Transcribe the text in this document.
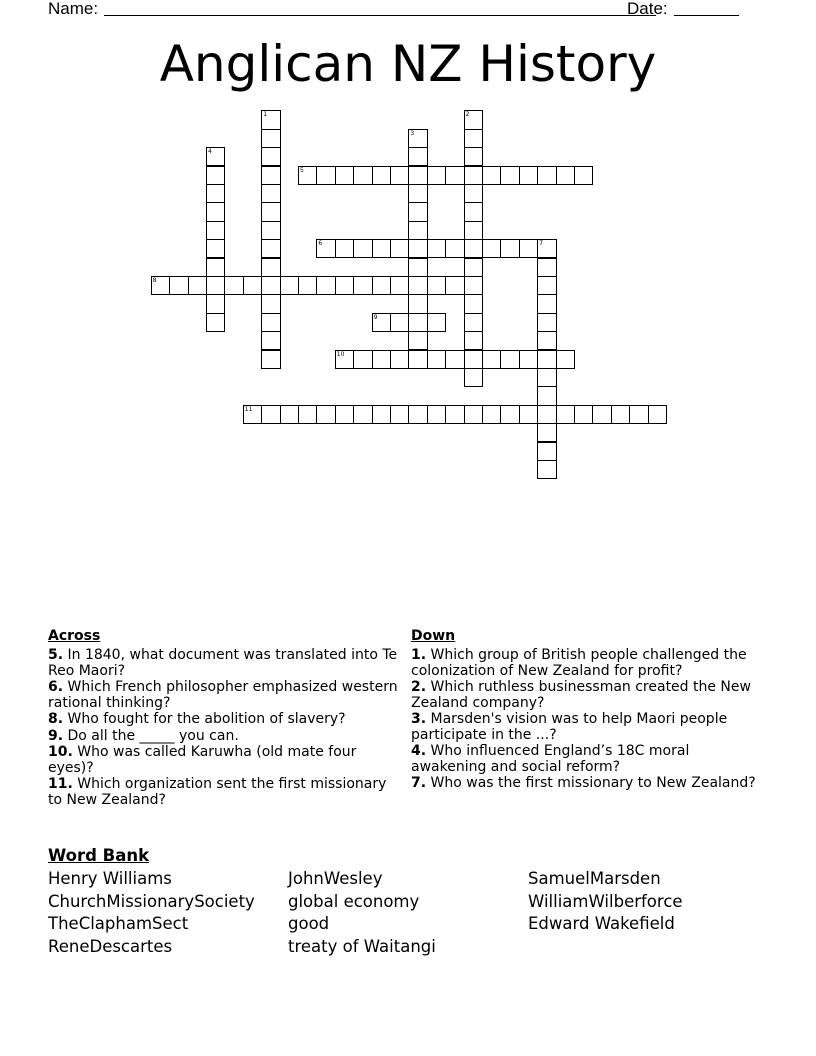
Name:	Date:
Anglican NZ History
1	2
3
4
5
6	7
8
9
10
11
Across
5. In 1840, what document was translated into Te Reo Maori?
6. Which French philosopher emphasized western rational thinking?
8. Who fought for the abolition of slavery?
9. Do all the _____ you can.
10. Who was called Karuwha (old mate four eyes)?
11. Which organization sent the first missionary to New Zealand?
Down
1. Which group of British people challenged the colonization of New Zealand for profit?
2. Which ruthless businessman created the New Zealand company?
3. Marsden's vision was to help Maori people participate in the ...?
4. Who influenced England’s 18C moral awakening and social reform?
7. Who was the first missionary to New Zealand?
Word Bank
Henry Williams	JohnWesley	SamuelMarsden
ChurchMissionarySociety	global economy	WilliamWilberforce
TheClaphamSect	good	Edward Wakefield
ReneDescartes	treaty of Waitangi
